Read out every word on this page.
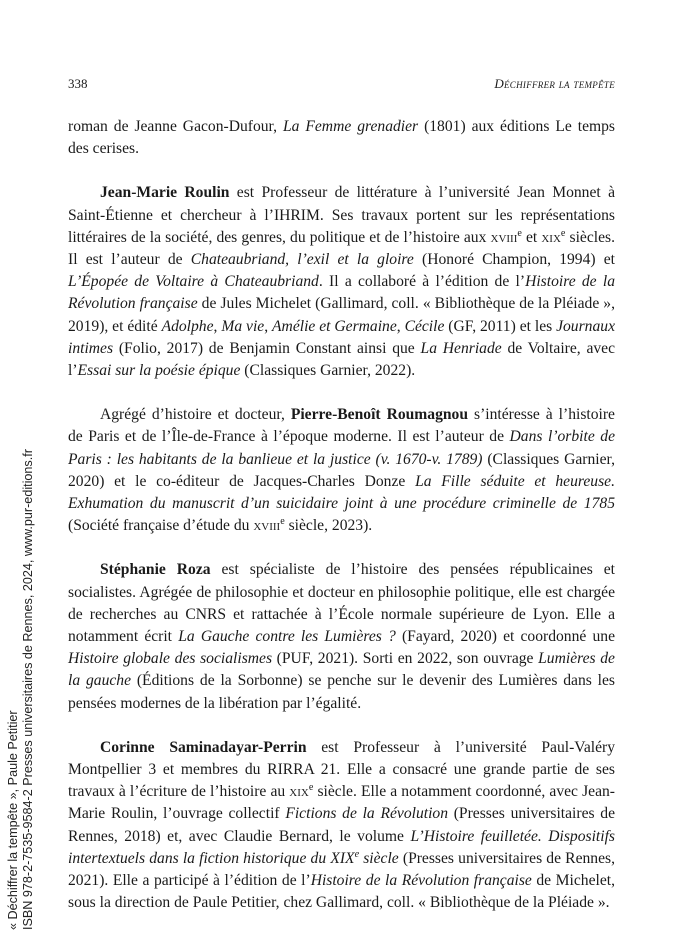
338	Déchiffrer la tempête

roman de Jeanne Gacon-Dufour, La Femme grenadier (1801) aux éditions Le temps des cerises.

Jean-Marie Roulin est Professeur de littérature à l’université Jean Monnet à Saint-Étienne et chercheur à l’IHRIM. Ses travaux portent sur les représentations littéraires de la société, des genres, du politique et de l’histoire aux xviii$^e$ et xix$^e$ siècles. Il est l’auteur de Chateaubriand, l’exil et la gloire (Honoré Champion, 1994) et L’Épopée de Voltaire à Chateaubriand. Il a collaboré à l’édition de l’Histoire de la Révolution française de Jules Michelet (Gallimard, coll. « Bibliothèque de la Pléiade », 2019), et édité Adolphe, Ma vie, Amélie et Germaine, Cécile (GF, 2011) et les Journaux intimes (Folio, 2017) de Benjamin Constant ainsi que La Henriade de Voltaire, avec l’Essai sur la poésie épique (Classiques Garnier, 2022).

Agrégé d’histoire et docteur, Pierre-Benoît Roumagnou s’intéresse à l’histoire de Paris et de l’Île-de-France à l’époque moderne. Il est l’auteur de Dans l’orbite de Paris : les habitants de la banlieue et la justice (v. 1670-v. 1789) (Classiques Garnier, 2020) et le co-éditeur de Jacques-Charles Donze La Fille séduite et heureuse. Exhumation du manuscrit d’un suicidaire joint à une procédure criminelle de 1785 (Société française d’étude du xviii$^e$ siècle, 2023).

Stéphanie Roza est spécialiste de l’histoire des pensées républicaines et socialistes. Agrégée de philosophie et docteur en philosophie politique, elle est chargée de recherches au CNRS et rattachée à l’École normale supérieure de Lyon. Elle a notamment écrit La Gauche contre les Lumières ? (Fayard, 2020) et coordonné une Histoire globale des socialismes (PUF, 2021). Sorti en 2022, son ouvrage Lumières de la gauche (Éditions de la Sorbonne) se penche sur le devenir des Lumières dans les pensées modernes de la libération par l’égalité.

Corinne Saminadayar-Perrin est Professeur à l’université Paul-Valéry Montpellier 3 et membres du RIRRA 21. Elle a consacré une grande partie de ses travaux à l’écriture de l’histoire au xix$^e$ siècle. Elle a notamment coordonné, avec Jean-Marie Roulin, l’ouvrage collectif Fictions de la Révolution (Presses universitaires de Rennes, 2018) et, avec Claudie Bernard, le volume L’Histoire feuilletée. Dispositifs intertextuels dans la fiction historique du XIXe siècle (Presses universitaires de Rennes, 2021). Elle a participé à l’édition de l’Histoire de la Révolution française de Michelet, sous la direction de Paule Petitier, chez Gallimard, coll. « Bibliothèque de la Pléiade ».

« Déchiffrer la tempête », Paule Petitier ISBN 978-2-7535-9584-2 Presses universitaires de Rennes, 2024, www.pur-editions.fr
